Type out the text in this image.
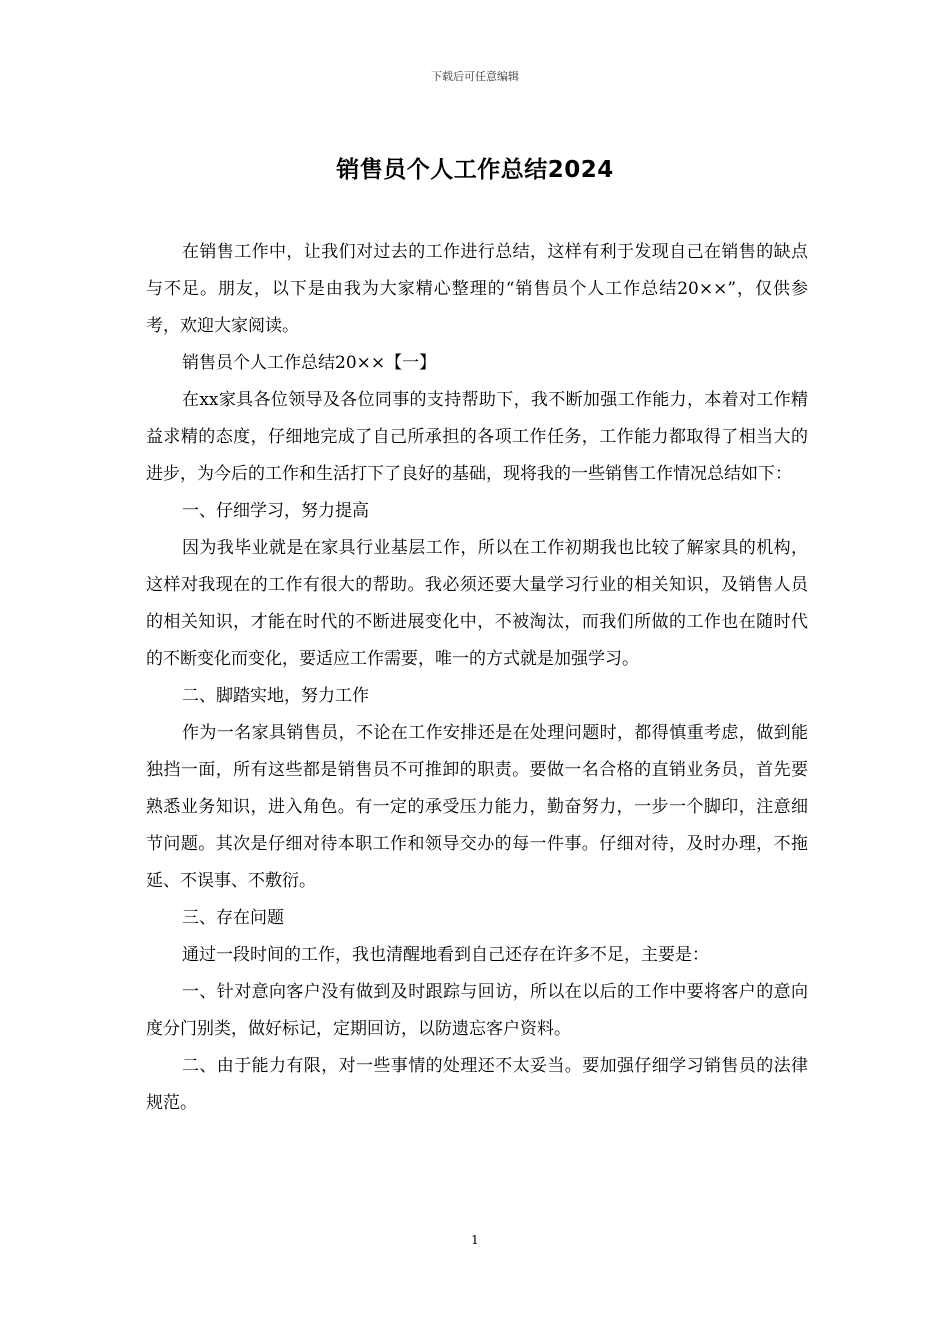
下载后可任意编辑
销售员个人工作总结2024

在销售工作中，让我们对过去的工作进行总结，这样有利于发现自己在销售的缺点与不足。朋友，以下是由我为大家精心整理的“销售员个人工作总结20××”，仅供参考，欢迎大家阅读。

销售员个人工作总结20××【一】

在xx家具各位领导及各位同事的支持帮助下，我不断加强工作能力，本着对工作精益求精的态度，仔细地完成了自己所承担的各项工作任务，工作能力都取得了相当大的进步，为今后的工作和生活打下了良好的基础，现将我的一些销售工作情况总结如下：

一、仔细学习，努力提高

因为我毕业就是在家具行业基层工作，所以在工作初期我也比较了解家具的机构，这样对我现在的工作有很大的帮助。我必须还要大量学习行业的相关知识，及销售人员的相关知识，才能在时代的不断进展变化中，不被淘汰，而我们所做的工作也在随时代的不断变化而变化，要适应工作需要，唯一的方式就是加强学习。

二、脚踏实地，努力工作

作为一名家具销售员，不论在工作安排还是在处理问题时，都得慎重考虑，做到能独挡一面，所有这些都是销售员不可推卸的职责。要做一名合格的直销业务员，首先要熟悉业务知识，进入角色。有一定的承受压力能力，勤奋努力，一步一个脚印，注意细节问题。其次是仔细对待本职工作和领导交办的每一件事。仔细对待，及时办理，不拖延、不误事、不敷衍。

三、存在问题

通过一段时间的工作，我也清醒地看到自己还存在许多不足，主要是：

一、针对意向客户没有做到及时跟踪与回访，所以在以后的工作中要将客户的意向度分门别类，做好标记，定期回访，以防遗忘客户资料。

二、由于能力有限，对一些事情的处理还不太妥当。要加强仔细学习销售员的法律规范。

1
